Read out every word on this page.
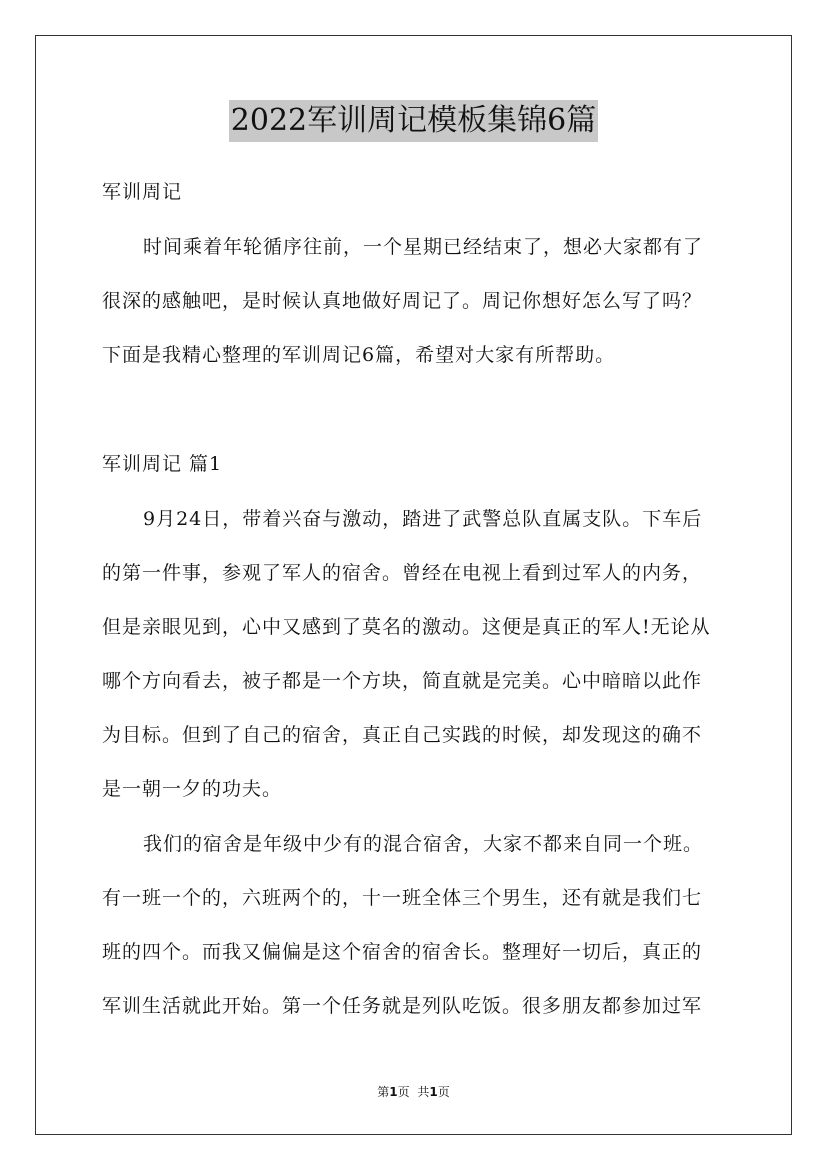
2022军训周记模板集锦6篇
军训周记
时间乘着年轮循序往前，一个星期已经结束了，想必大家都有了
很深的感触吧，是时候认真地做好周记了。周记你想好怎么写了吗？
下面是我精心整理的军训周记6篇，希望对大家有所帮助。
军训周记 篇1
9月24日，带着兴奋与激动，踏进了武警总队直属支队。下车后
的第一件事，参观了军人的宿舍。曾经在电视上看到过军人的内务，
但是亲眼见到，心中又感到了莫名的激动。这便是真正的军人!无论从
哪个方向看去，被子都是一个方块，简直就是完美。心中暗暗以此作
为目标。但到了自己的宿舍，真正自己实践的时候，却发现这的确不
是一朝一夕的功夫。
我们的宿舍是年级中少有的混合宿舍，大家不都来自同一个班。
有一班一个的，六班两个的，十一班全体三个男生，还有就是我们七
班的四个。而我又偏偏是这个宿舍的宿舍长。整理好一切后，真正的
军训生活就此开始。第一个任务就是列队吃饭。很多朋友都参加过军
第1页 共1页
